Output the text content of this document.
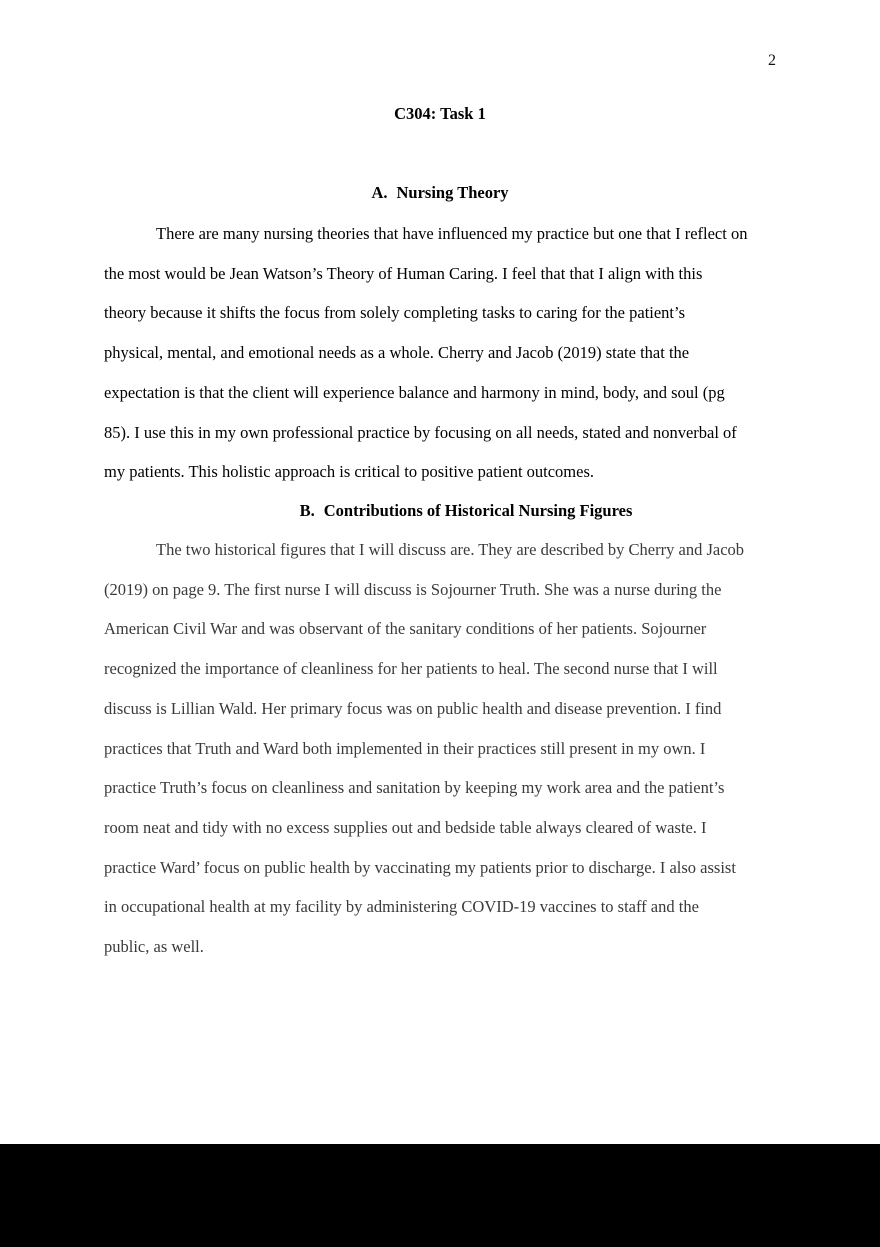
2
C304: Task 1
A. Nursing Theory

There are many nursing theories that have influenced my practice but one that I reflect on
the most would be Jean Watson’s Theory of Human Caring. I feel that that I align with this
theory because it shifts the focus from solely completing tasks to caring for the patient’s
physical, mental, and emotional needs as a whole. Cherry and Jacob (2019) state that the
expectation is that the client will experience balance and harmony in mind, body, and soul (pg
85). I use this in my own professional practice by focusing on all needs, stated and nonverbal of
my patients. This holistic approach is critical to positive patient outcomes.

B. Contributions of Historical Nursing Figures

The two historical figures that I will discuss are. They are described by Cherry and Jacob
(2019) on page 9. The first nurse I will discuss is Sojourner Truth. She was a nurse during the
American Civil War and was observant of the sanitary conditions of her patients. Sojourner
recognized the importance of cleanliness for her patients to heal. The second nurse that I will
discuss is Lillian Wald. Her primary focus was on public health and disease prevention. I find
practices that Truth and Ward both implemented in their practices still present in my own. I
practice Truth’s focus on cleanliness and sanitation by keeping my work area and the patient’s
room neat and tidy with no excess supplies out and bedside table always cleared of waste. I
practice Ward’ focus on public health by vaccinating my patients prior to discharge. I also assist
in occupational health at my facility by administering COVID-19 vaccines to staff and the
public, as well.
